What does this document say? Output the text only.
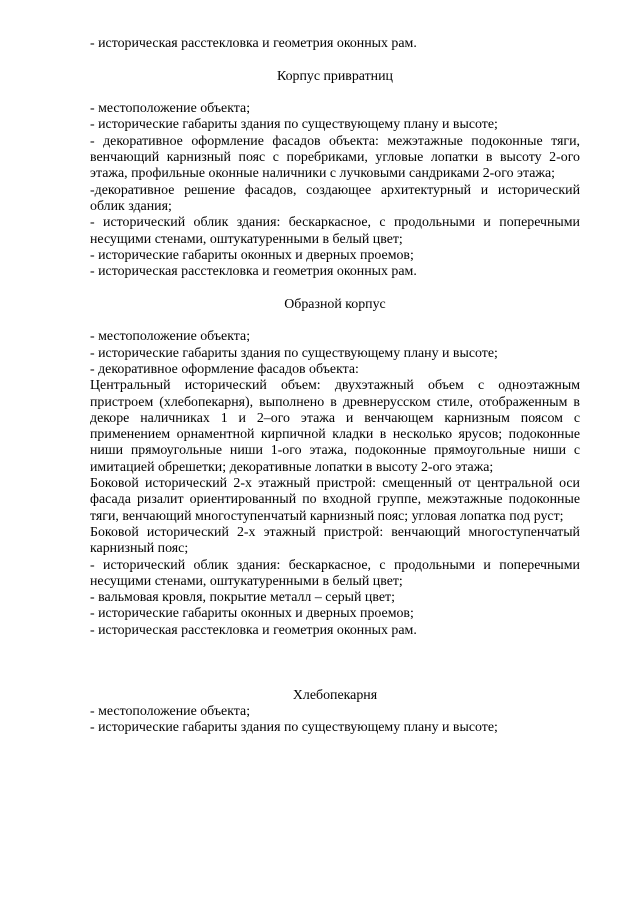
- историческая расстекловка и геометрия оконных рам.

Корпус привратниц

- местоположение объекта;

- исторические габариты здания по существующему плану и высоте;

- декоративное оформление фасадов объекта: межэтажные подоконные тяги, венчающий карнизный пояс с поребриками, угловые лопатки в высоту 2-ого этажа, профильные оконные наличники с лучковыми сандриками 2-ого этажа;

-декоративное решение фасадов, создающее архитектурный и исторический облик здания;

- исторический облик здания: бескаркасное, с продольными и поперечными несущими стенами, оштукатуренными в белый цвет;

- исторические габариты оконных и дверных проемов;

- историческая расстекловка и геометрия оконных рам.

Образной корпус

- местоположение объекта;

- исторические габариты здания по существующему плану и высоте;

- декоративное оформление фасадов объекта:

Центральный исторический объем: двухэтажный объем с одноэтажным пристроем (хлебопекарня), выполнено в древнерусском стиле, отображенным в декоре наличниках 1 и 2–ого этажа и венчающем карнизным поясом с применением орнаментной кирпичной кладки в несколько ярусов; подоконные ниши прямоугольные ниши 1-ого этажа, подоконные прямоугольные ниши с имитацией обрешетки; декоративные лопатки в высоту 2-ого этажа;

Боковой исторический 2-х этажный пристрой: смещенный от центральной оси фасада ризалит ориентированный по входной группе, межэтажные подоконные тяги, венчающий многоступенчатый карнизный пояс; угловая лопатка под руст;

Боковой исторический 2-х этажный пристрой: венчающий многоступенчатый карнизный пояс;

- исторический облик здания: бескаркасное, с продольными и поперечными несущими стенами, оштукатуренными в белый цвет;

- вальмовая кровля, покрытие металл – серый цвет;

- исторические габариты оконных и дверных проемов;

- историческая расстекловка и геометрия оконных рам.

Хлебопекарня

- местоположение объекта;

- исторические габариты здания по существующему плану и высоте;
